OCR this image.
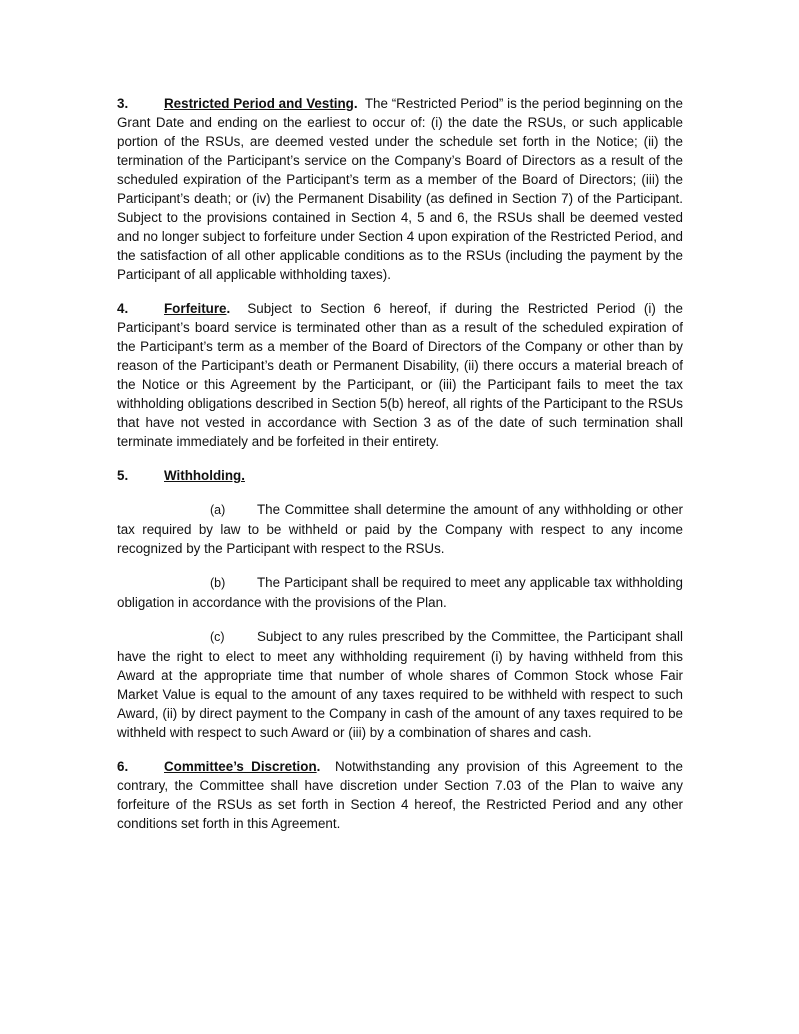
3.	Restricted Period and Vesting. The “Restricted Period” is the period beginning on the Grant Date and ending on the earliest to occur of: (i) the date the RSUs, or such applicable portion of the RSUs, are deemed vested under the schedule set forth in the Notice; (ii) the termination of the Participant’s service on the Company’s Board of Directors as a result of the scheduled expiration of the Participant’s term as a member of the Board of Directors; (iii) the Participant’s death; or (iv) the Permanent Disability (as defined in Section 7) of the Participant. Subject to the provisions contained in Section 4, 5 and 6, the RSUs shall be deemed vested and no longer subject to forfeiture under Section 4 upon expiration of the Restricted Period, and the satisfaction of all other applicable conditions as to the RSUs (including the payment by the Participant of all applicable withholding taxes).

4.	Forfeiture. Subject to Section 6 hereof, if during the Restricted Period (i) the Participant’s board service is terminated other than as a result of the scheduled expiration of the Participant’s term as a member of the Board of Directors of the Company or other than by reason of the Participant’s death or Permanent Disability, (ii) there occurs a material breach of the Notice or this Agreement by the Participant, or (iii) the Participant fails to meet the tax withholding obligations described in Section 5(b) hereof, all rights of the Participant to the RSUs that have not vested in accordance with Section 3 as of the date of such termination shall terminate immediately and be forfeited in their entirety.

5.	Withholding.

(a) The Committee shall determine the amount of any withholding or other tax required by law to be withheld or paid by the Company with respect to any income recognized by the Participant with respect to the RSUs.

(b) The Participant shall be required to meet any applicable tax withholding obligation in accordance with the provisions of the Plan.

(c) Subject to any rules prescribed by the Committee, the Participant shall have the right to elect to meet any withholding requirement (i) by having withheld from this Award at the appropriate time that number of whole shares of Common Stock whose Fair Market Value is equal to the amount of any taxes required to be withheld with respect to such Award, (ii) by direct payment to the Company in cash of the amount of any taxes required to be withheld with respect to such Award or (iii) by a combination of shares and cash.

6.	Committee’s Discretion. Notwithstanding any provision of this Agreement to the contrary, the Committee shall have discretion under Section 7.03 of the Plan to waive any forfeiture of the RSUs as set forth in Section 4 hereof, the Restricted Period and any other conditions set forth in this Agreement.
